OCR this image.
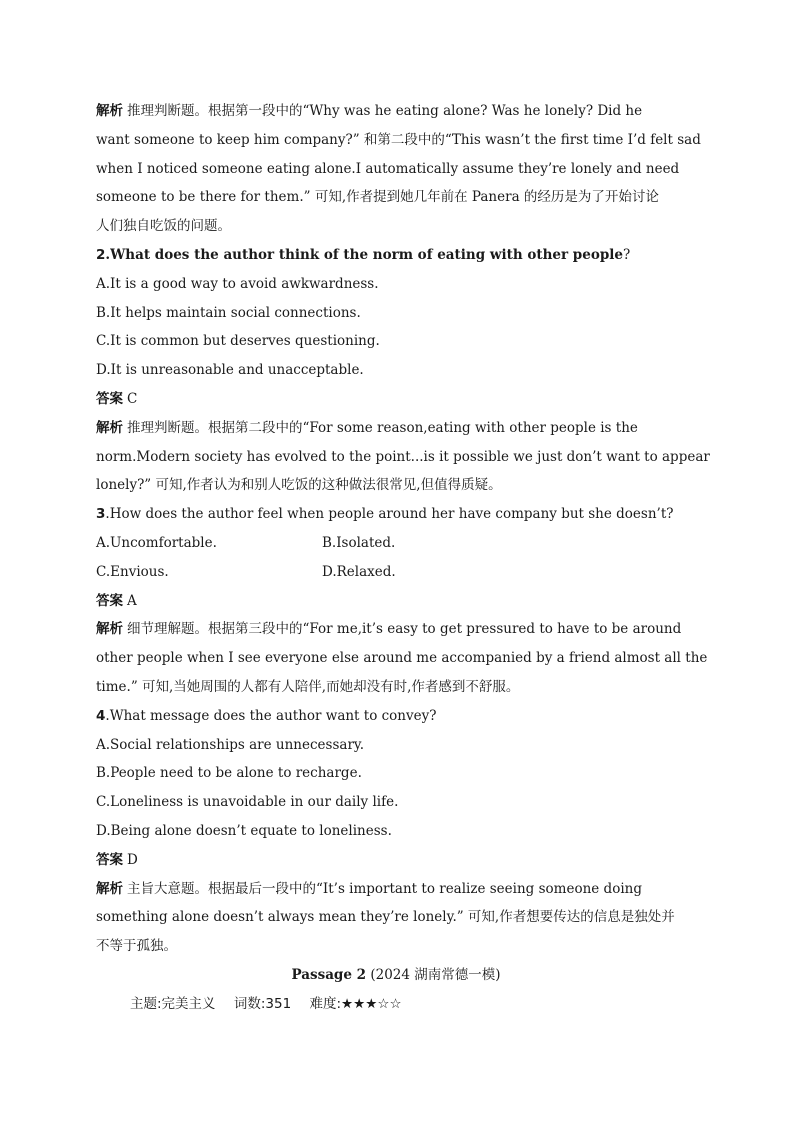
解析 推理判断题。根据第一段中的“Why was he eating alone? Was he lonely? Did he
want someone to keep him company?” 和第二段中的“This wasn’t the first time I’d felt sad
when I noticed someone eating alone.I automatically assume they’re lonely and need
someone to be there for them.” 可知,作者提到她几年前在 Panera 的经历是为了开始讨论
人们独自吃饭的问题。
2.What does the author think of the norm of eating with other people?
A.It is a good way to avoid awkwardness.
B.It helps maintain social connections.
C.It is common but deserves questioning.
D.It is unreasonable and unacceptable.
答案 C
解析 推理判断题。根据第二段中的“For some reason,eating with other people is the
norm.Modern society has evolved to the point...is it possible we just don’t want to appear
lonely?” 可知,作者认为和别人吃饭的这种做法很常见,但值得质疑。
3.How does the author feel when people around her have company but she doesn’t?
A.Uncomfortable.	B.Isolated.
C.Envious.	D.Relaxed.
答案 A
解析 细节理解题。根据第三段中的“For me,it’s easy to get pressured to have to be around
other people when I see everyone else around me accompanied by a friend almost all the
time.” 可知,当她周围的人都有人陪伴,而她却没有时,作者感到不舒服。
4.What message does the author want to convey?
A.Social relationships are unnecessary.
B.People need to be alone to recharge.
C.Loneliness is unavoidable in our daily life.
D.Being alone doesn’t equate to loneliness.
答案 D
解析 主旨大意题。根据最后一段中的“It’s important to realize seeing someone doing
something alone doesn’t always mean they’re lonely.” 可知,作者想要传达的信息是独处并
不等于孤独。
Passage 2 (2024 湖南常德一模)
主题:完美主义 词数:351 难度:★★★☆☆
